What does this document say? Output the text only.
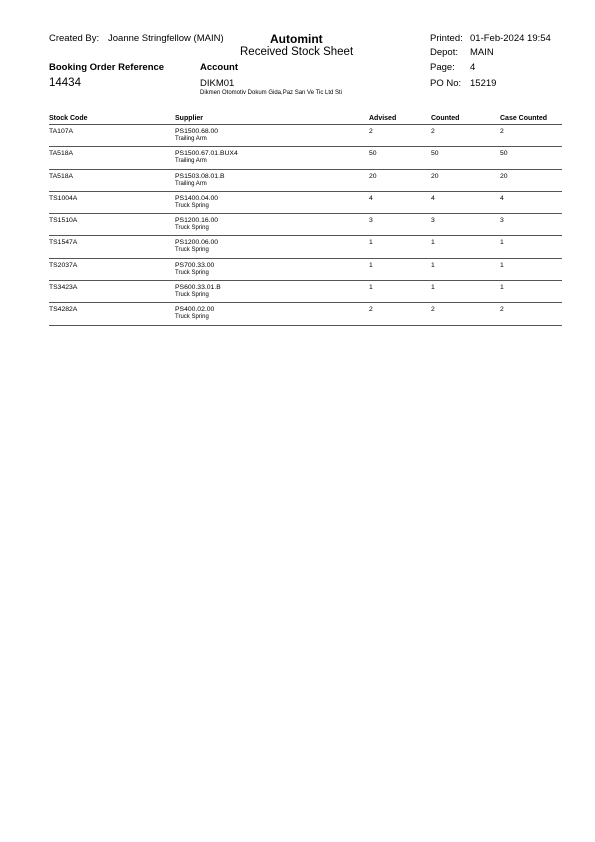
Created By: Joanne Stringfellow (MAIN)	Automint
Received Stock Sheet
Printed: 01-Feb-2024 19:54
Depot: MAIN
Page: 4
PO No: 15219
Booking Order Reference
14434
Account
DIKM01
Dikmen Otomotiv Dokum Gida,Paz San Ve Tic Ltd Sti
Stock Code	Supplier	Advised	Counted	Case Counted
TA107A	PS1500.68.00	2	2	2
Trailing Arm
TA518A	PS1500.67.01.BUX4	50	50	50
Trailing Arm
TA518A	PS1503.08.01.B	20	20	20
Trailing Arm
TS1004A	PS1400.04.00	4	4	4
Truck Spring
TS1510A	PS1200.16.00	3	3	3
Truck Spring
TS1547A	PS1200.06.00	1	1	1
Truck Spring
TS2037A	PS700.33.00	1	1	1
Truck Spring
TS3423A	PS600.33.01.B	1	1	1
Truck Spring
TS4282A	PS400.02.00	2	2	2
Truck Spring
